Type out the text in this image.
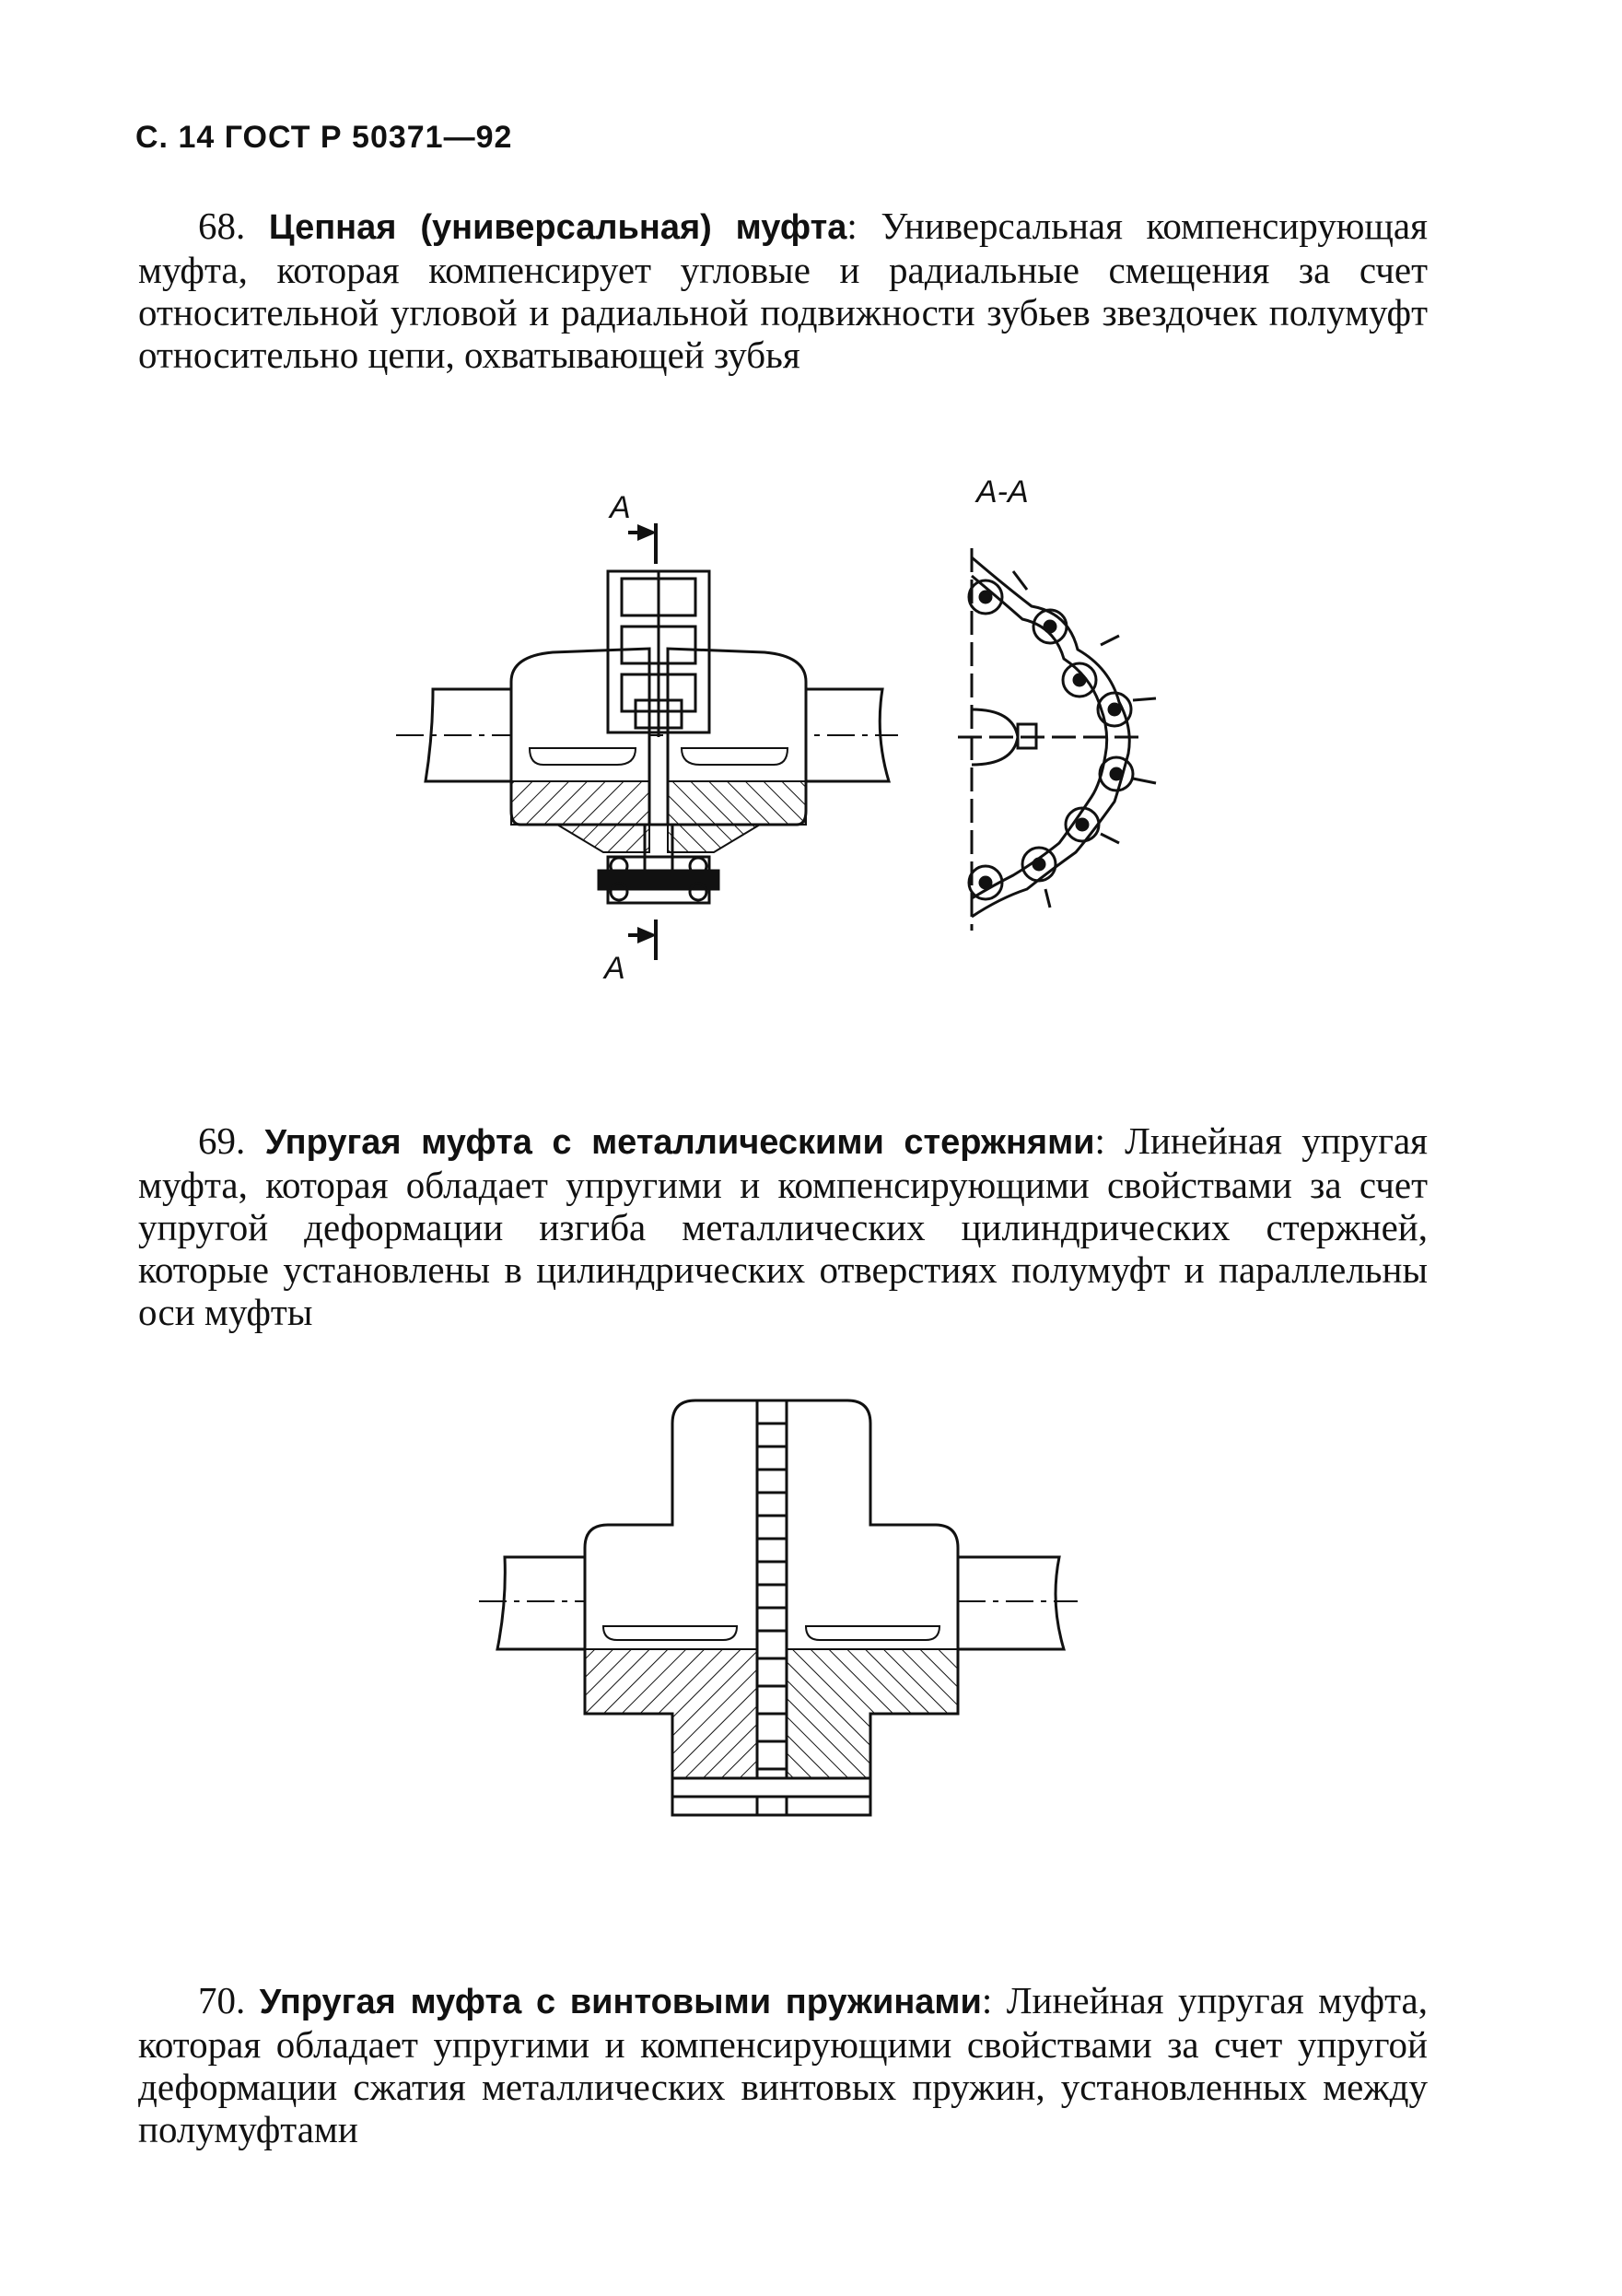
С. 14 ГОСТ Р 50371—92

68. Цепная (универсальная) муфта: Универсальная компенсирующая муфта, которая компенсирует угловые и радиальные смещения за счет относительной угловой и радиальной подвижности зубьев звездочек полумуфт относительно цепи, охватывающей зубья

А
А
А-А

69. Упругая муфта с металлическими стержнями: Линейная упругая муфта, которая обладает упругими и компенсирующими свойствами за счет упругой деформации изгиба металлических цилиндрических стержней, которые установлены в цилиндрических отверстиях полумуфт и параллельны оси муфты

70. Упругая муфта с винтовыми пружинами: Линейная упругая муфта, которая обладает упругими и компенсирующими свойствами за счет упругой деформации сжатия металлических винтовых пружин, установленных между полумуфтами
